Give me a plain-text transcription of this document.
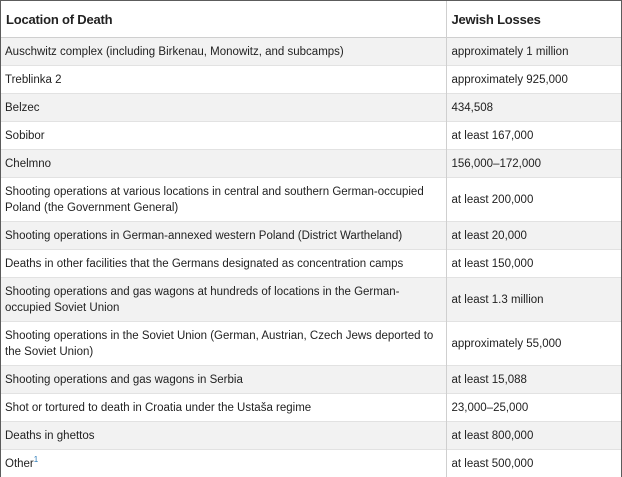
Location of Death	Jewish Losses
Auschwitz complex (including Birkenau, Monowitz, and subcamps)	approximately 1 million
Treblinka 2	approximately 925,000
Belzec	434,508
Sobibor	at least 167,000
Chelmno	156,000–172,000
Shooting operations at various locations in central and southern German-occupied Poland (the Government General)	at least 200,000
Shooting operations in German-annexed western Poland (District Wartheland)	at least 20,000
Deaths in other facilities that the Germans designated as concentration camps	at least 150,000
Shooting operations and gas wagons at hundreds of locations in the German-occupied Soviet Union	at least 1.3 million
Shooting operations in the Soviet Union (German, Austrian, Czech Jews deported to the Soviet Union)	approximately 55,000
Shooting operations and gas wagons in Serbia	at least 15,088
Shot or tortured to death in Croatia under the Ustaša regime	23,000–25,000
Deaths in ghettos	at least 800,000
Other$^1$	at least 500,000
